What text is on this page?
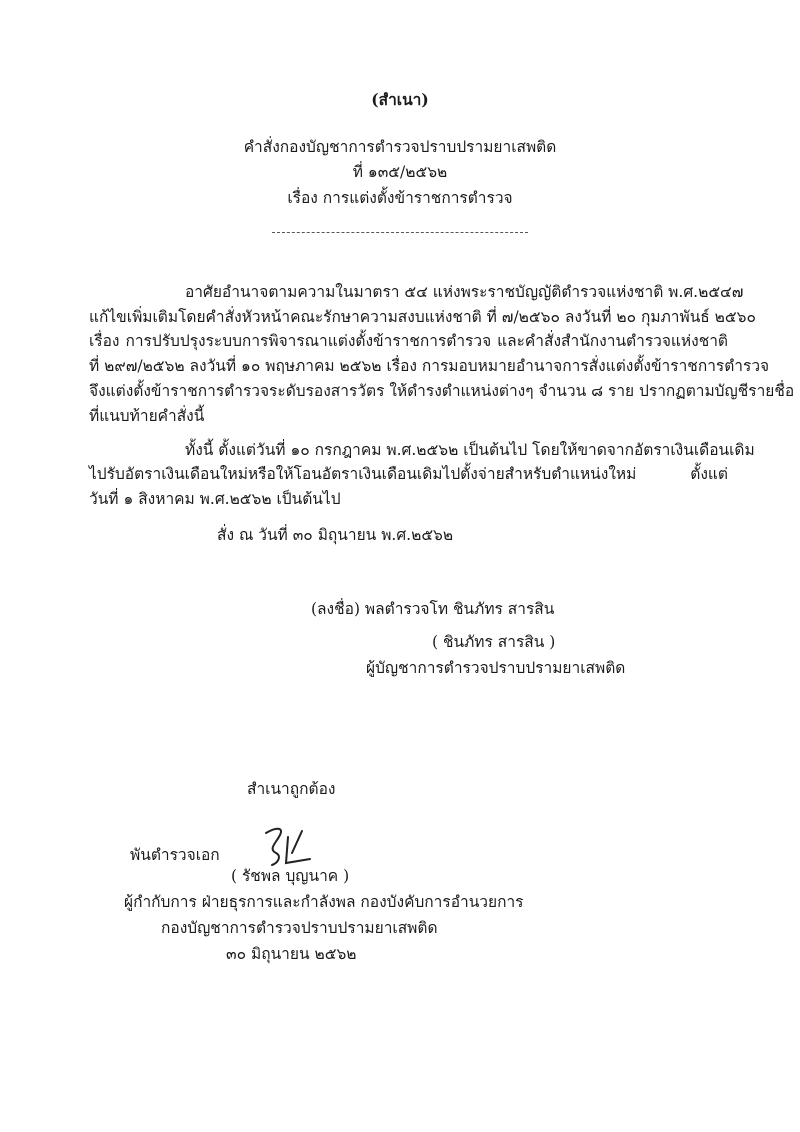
(สำเนา)
คำสั่งกองบัญชาการตำรวจปราบปรามยาเสพติด
ที่ ๑๓๕/๒๕๖๒
เรื่อง การแต่งตั้งข้าราชการตำรวจ
อาศัยอำนาจตามความในมาตรา ๕๔ แห่งพระราชบัญญัติตำรวจแห่งชาติ พ.ศ.๒๕๔๗
แก้ไขเพิ่มเติมโดยคำสั่งหัวหน้าคณะรักษาความสงบแห่งชาติ ที่ ๗/๒๕๖๐ ลงวันที่ ๒๐ กุมภาพันธ์ ๒๕๖๐
เรื่อง การปรับปรุงระบบการพิจารณาแต่งตั้งข้าราชการตำรวจ และคำสั่งสำนักงานตำรวจแห่งชาติ
ที่ ๒๙๗/๒๕๖๒ ลงวันที่ ๑๐ พฤษภาคม ๒๕๖๒ เรื่อง การมอบหมายอำนาจการสั่งแต่งตั้งข้าราชการตำรวจ
จึงแต่งตั้งข้าราชการตำรวจระดับรองสารวัตร ให้ดำรงตำแหน่งต่างๆ จำนวน ๘ ราย ปรากฏตามบัญชีรายชื่อ
ที่แนบท้ายคำสั่งนี้
ทั้งนี้ ตั้งแต่วันที่ ๑๐ กรกฎาคม พ.ศ.๒๕๖๒ เป็นต้นไป โดยให้ขาดจากอัตราเงินเดือนเดิม
ไปรับอัตราเงินเดือนใหม่หรือให้โอนอัตราเงินเดือนเดิมไปตั้งจ่ายสำหรับตำแหน่งใหม่ ตั้งแต่
วันที่ ๑ สิงหาคม พ.ศ.๒๕๖๒ เป็นต้นไป
สั่ง ณ วันที่ ๓๐ มิถุนายน พ.ศ.๒๕๖๒
(ลงชื่อ) พลตำรวจโท ชินภัทร สารสิน
( ชินภัทร สารสิน )
ผู้บัญชาการตำรวจปราบปรามยาเสพติด
สำเนาถูกต้อง
พันตำรวจเอก
( รัชพล บุญนาค )
ผู้กำกับการ ฝ่ายธุรการและกำลังพล กองบังคับการอำนวยการ
กองบัญชาการตำรวจปราบปรามยาเสพติด
๓๐ มิถุนายน ๒๕๖๒
------------------------------------------------
